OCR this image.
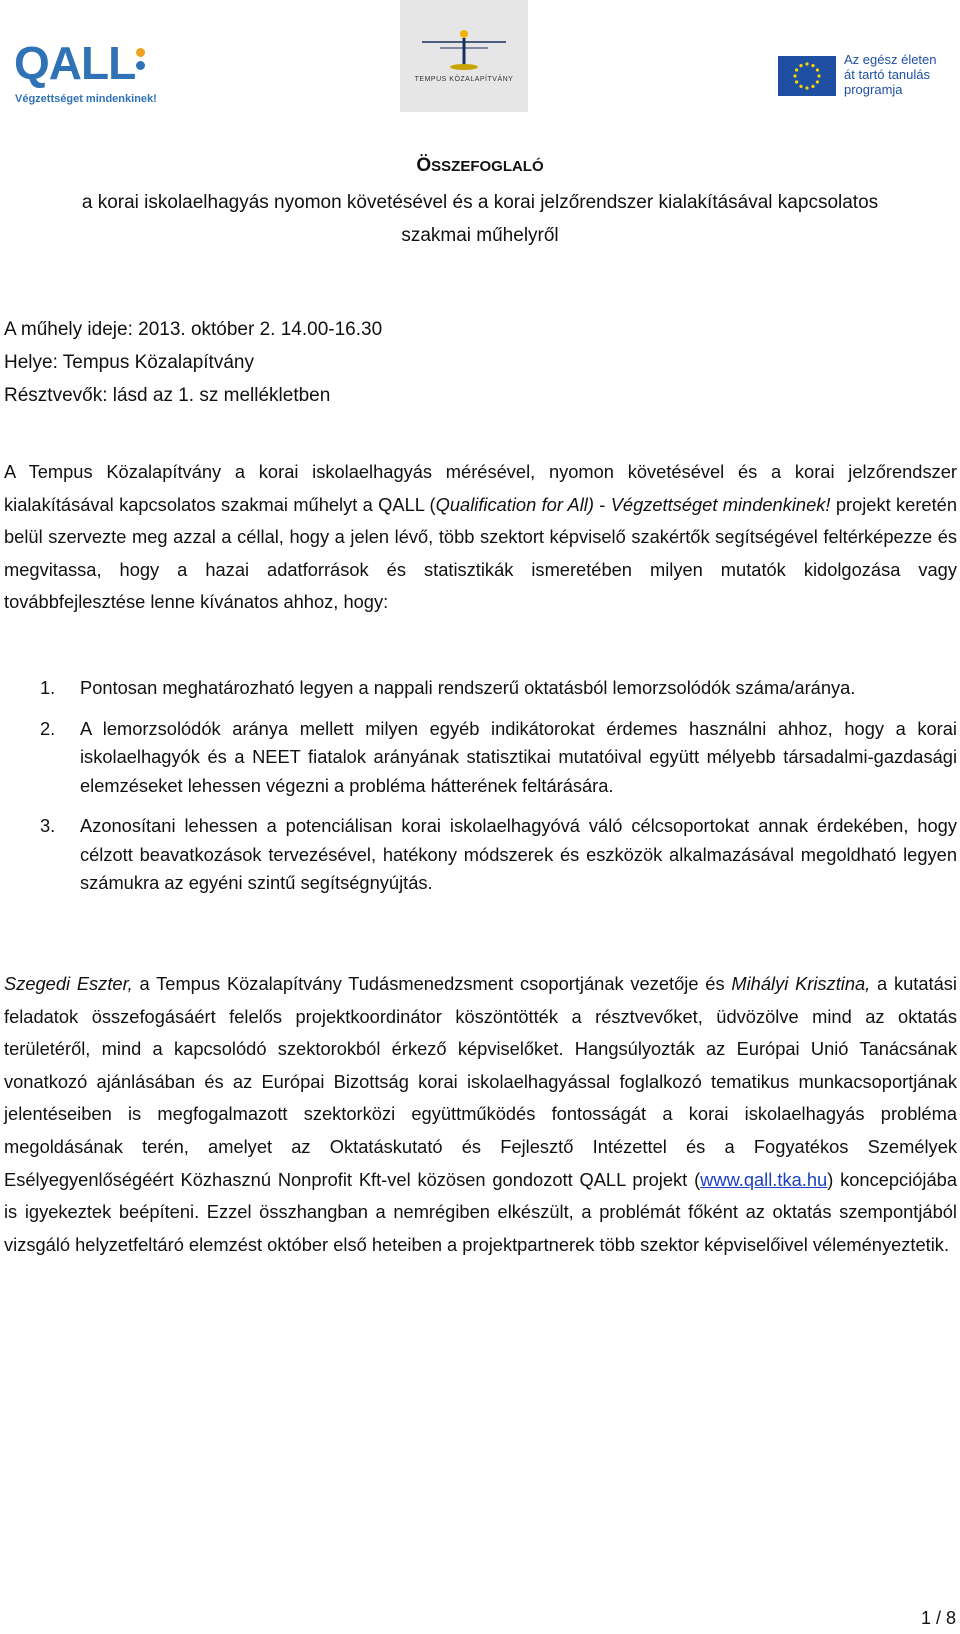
QALL
Végzettséget mindenkinek!
TEMPUS KÖZALAPÍTVÁNY
Az egész életen
át tartó tanulás
programja
ÖSSZEFOGLALÓ
a korai iskolaelhagyás nyomon követésével és a korai jelzőrendszer kialakításával kapcsolatos szakmai műhelyről
A műhely ideje: 2013. október 2. 14.00-16.30
Helye: Tempus Közalapítvány
Résztvevők: lásd az 1. sz mellékletben
A Tempus Közalapítvány a korai iskolaelhagyás mérésével, nyomon követésével és a korai jelzőrendszer kialakításával kapcsolatos szakmai műhelyt a QALL (Qualification for All) - Végzettséget mindenkinek! projekt keretén belül szervezte meg azzal a céllal, hogy a jelen lévő, több szektort képviselő szakértők segítségével feltérképezze és megvitassa, hogy a hazai adatforrások és statisztikák ismeretében milyen mutatók kidolgozása vagy továbbfejlesztése lenne kívánatos ahhoz, hogy:
1. Pontosan meghatározható legyen a nappali rendszerű oktatásból lemorzsolódók száma/aránya.
2. A lemorzsolódók aránya mellett milyen egyéb indikátorokat érdemes használni ahhoz, hogy a korai iskolaelhagyók és a NEET fiatalok arányának statisztikai mutatóival együtt mélyebb társadalmi-gazdasági elemzéseket lehessen végezni a probléma hátterének feltárására.
3. Azonosítani lehessen a potenciálisan korai iskolaelhagyóvá váló célcsoportokat annak érdekében, hogy célzott beavatkozások tervezésével, hatékony módszerek és eszközök alkalmazásával megoldható legyen számukra az egyéni szintű segítségnyújtás.
Szegedi Eszter, a Tempus Közalapítvány Tudásmenedzsment csoportjának vezetője és Mihályi Krisztina, a kutatási feladatok összefogásáért felelős projektkoordinátor köszöntötték a résztvevőket, üdvözölve mind az oktatás területéről, mind a kapcsolódó szektorokból érkező képviselőket. Hangsúlyozták az Európai Unió Tanácsának vonatkozó ajánlásában és az Európai Bizottság korai iskolaelhagyással foglalkozó tematikus munkacsoportjának jelentéseiben is megfogalmazott szektorközi együttműködés fontosságát a korai iskolaelhagyás probléma megoldásának terén, amelyet az Oktatáskutató és Fejlesztő Intézettel és a Fogyatékos Személyek Esélyegyenlőségéért Közhasznú Nonprofit Kft-vel közösen gondozott QALL projekt (www.qall.tka.hu) koncepciójába is igyekeztek beépíteni. Ezzel összhangban a nemrégiben elkészült, a problémát főként az oktatás szempontjából vizsgáló helyzetfeltáró elemzést október első heteiben a projektpartnerek több szektor képviselőivel véleményeztetik.
1 / 8
